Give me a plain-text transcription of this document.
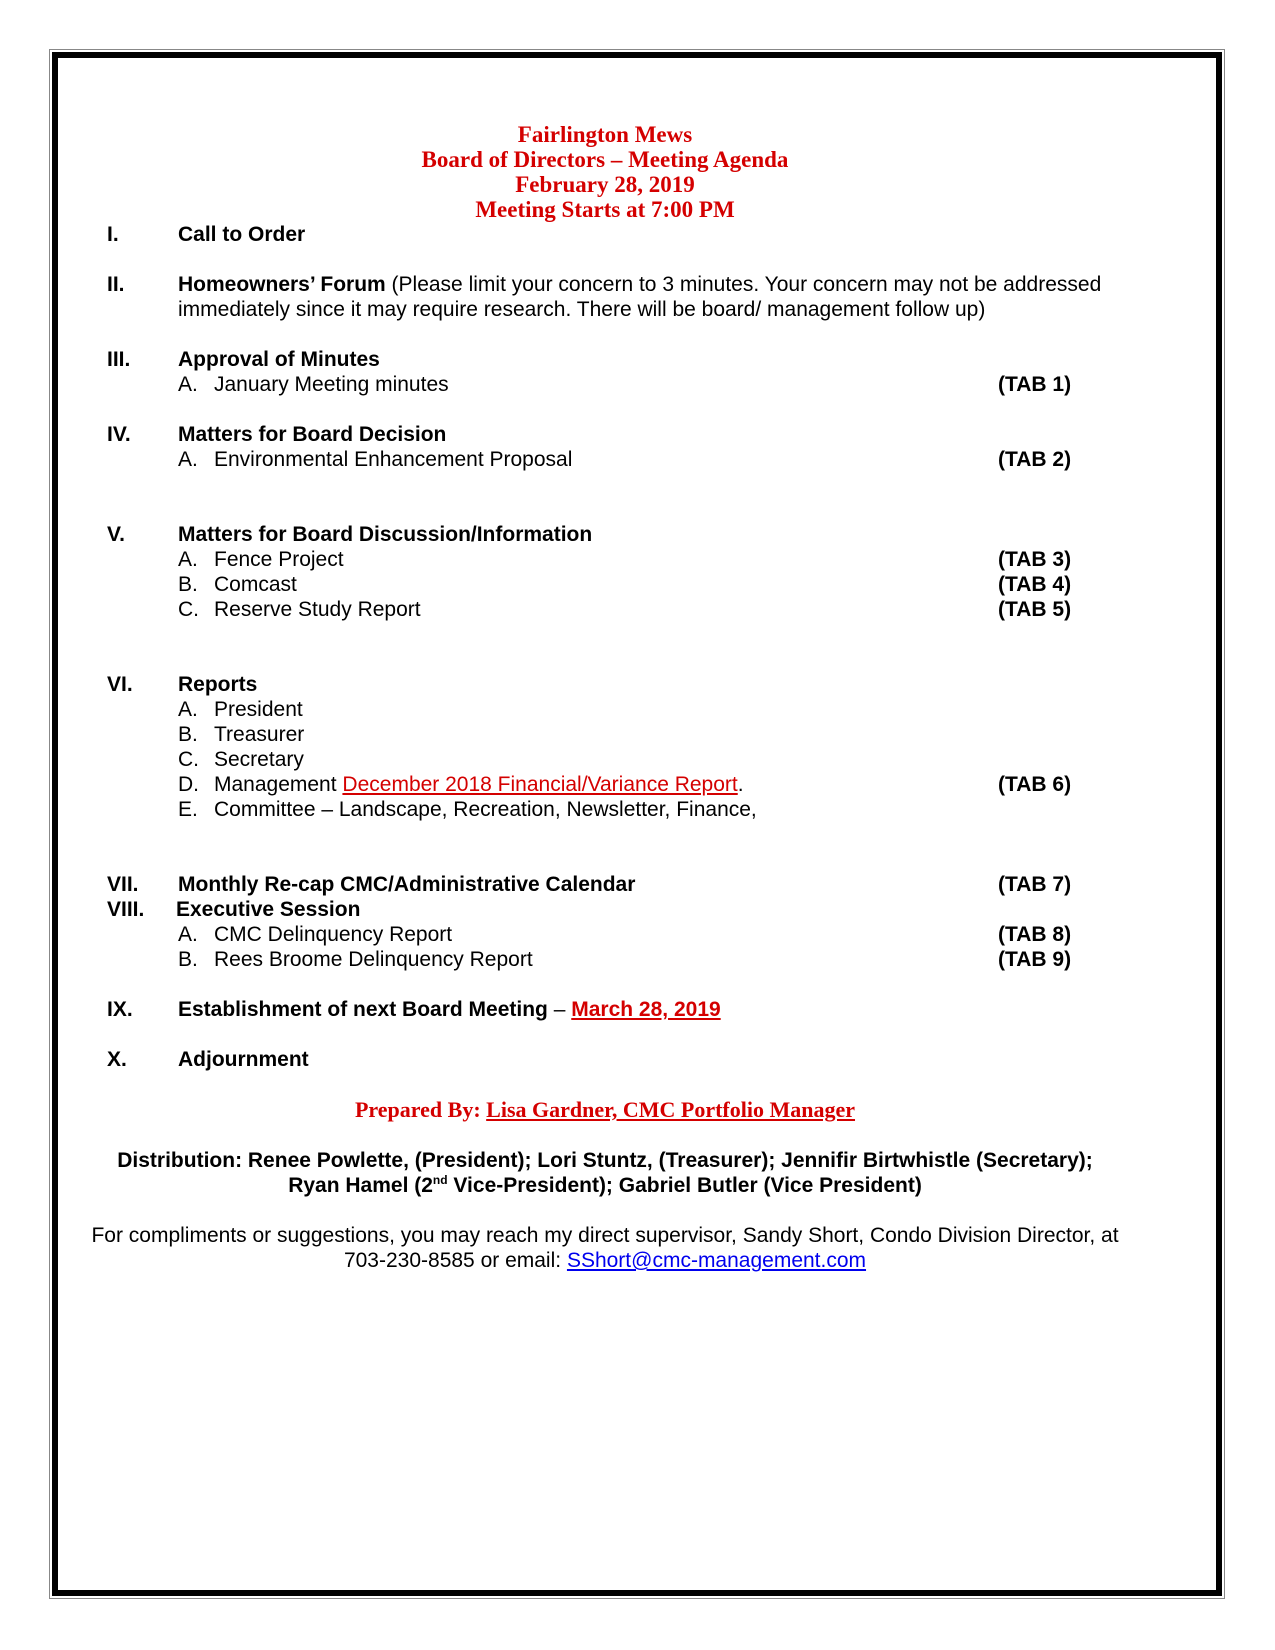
Fairlington Mews
Board of Directors – Meeting Agenda
February 28, 2019
Meeting Starts at 7:00 PM
I.	Call to Order
II.	Homeowners’ Forum (Please limit your concern to 3 minutes. Your concern may not be addressed
immediately since it may require research. There will be board/ management follow up)
III. Approval of Minutes
A. January Meeting minutes	(TAB 1)
IV. Matters for Board Decision
A. Environmental Enhancement Proposal	(TAB 2)
V.	Matters for Board Discussion/Information
A. Fence Project	(TAB 3)
B. Comcast	(TAB 4)
C. Reserve Study Report	(TAB 5)
VI. Reports
A. President
B. Treasurer
C. Secretary
D. Management December 2018 Financial/Variance Report.	(TAB 6)
E. Committee – Landscape, Recreation, Newsletter, Finance,
VII. Monthly Re-cap CMC/Administrative Calendar	(TAB 7)
VIII. Executive Session
A. CMC Delinquency Report	(TAB 8)
B. Rees Broome Delinquency Report	(TAB 9)
IX. Establishment of next Board Meeting – March 28, 2019
X. Adjournment
Prepared By: Lisa Gardner, CMC Portfolio Manager
Distribution: Renee Powlette, (President); Lori Stuntz, (Treasurer); Jennifir Birtwhistle (Secretary);
Ryan Hamel (2nd Vice-President); Gabriel Butler (Vice President)
For compliments or suggestions, you may reach my direct supervisor, Sandy Short, Condo Division Director, at
703-230-8585 or email: SShort@cmc-management.com
